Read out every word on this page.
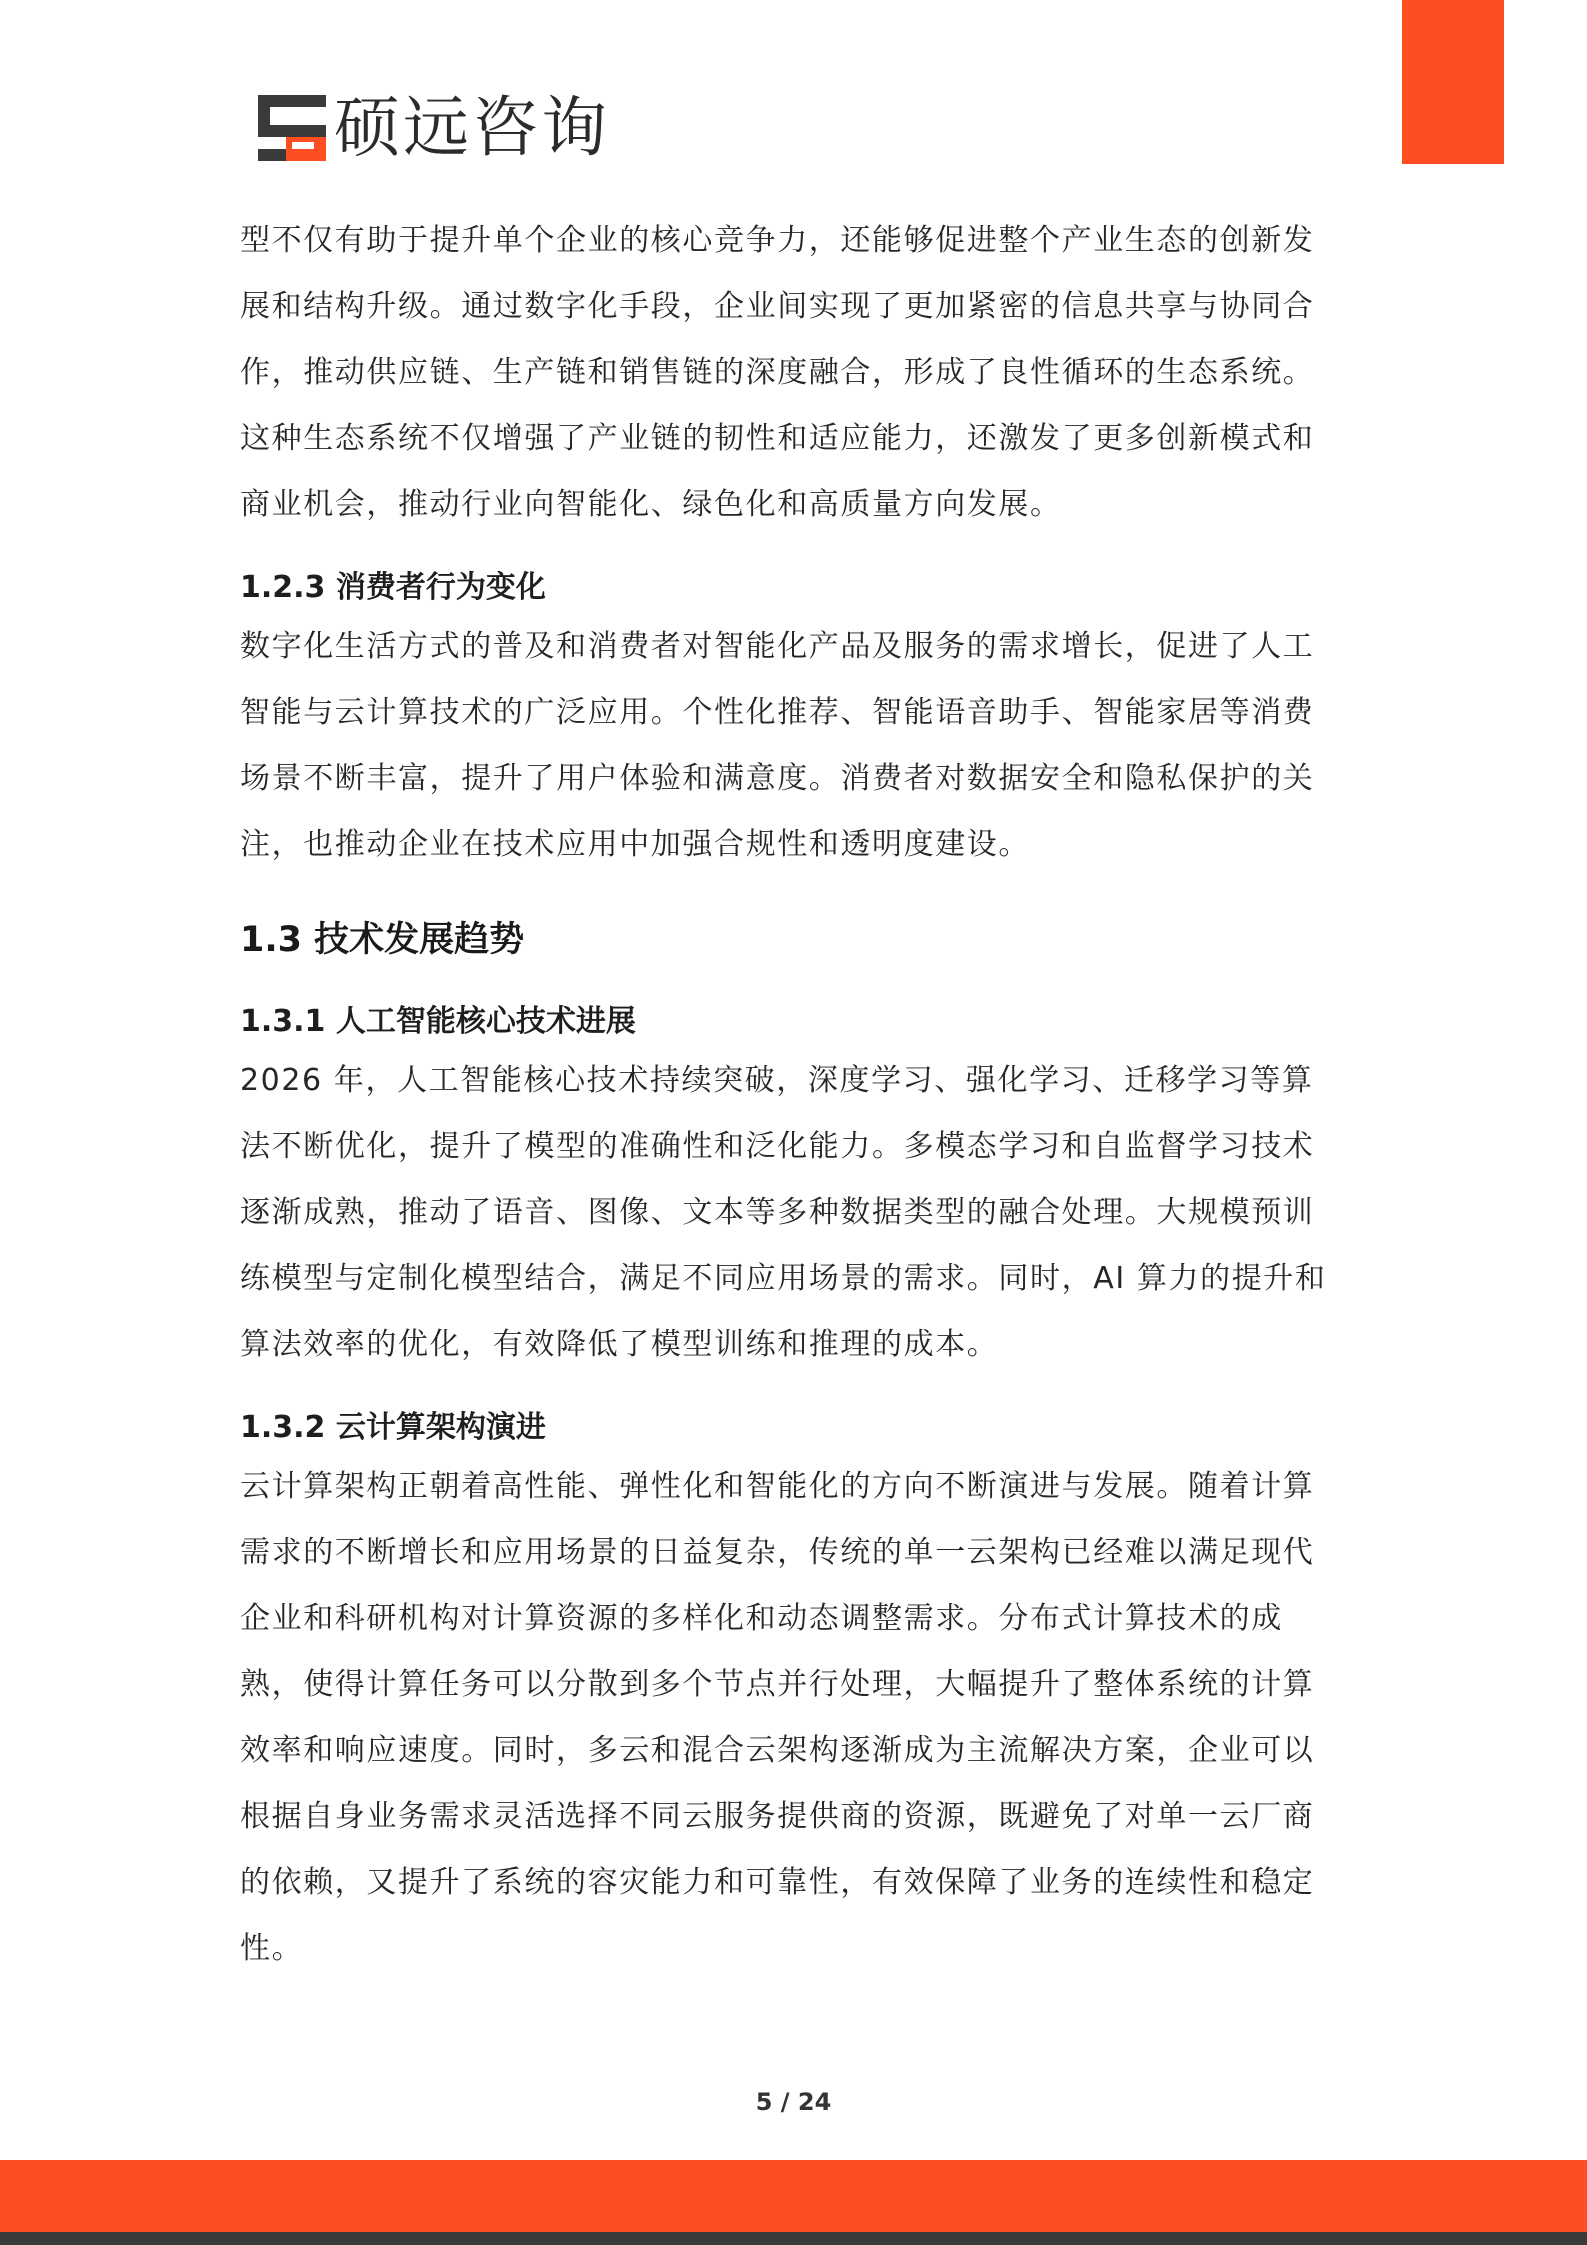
硕远咨询

型不仅有助于提升单个企业的核心竞争力，还能够促进整个产业生态的创新发展和结构升级。通过数字化手段，企业间实现了更加紧密的信息共享与协同合作，推动供应链、生产链和销售链的深度融合，形成了良性循环的生态系统。这种生态系统不仅增强了产业链的韧性和适应能力，还激发了更多创新模式和商业机会，推动行业向智能化、绿色化和高质量方向发展。

1.2.3 消费者行为变化

数字化生活方式的普及和消费者对智能化产品及服务的需求增长，促进了人工智能与云计算技术的广泛应用。个性化推荐、智能语音助手、智能家居等消费场景不断丰富，提升了用户体验和满意度。消费者对数据安全和隐私保护的关注，也推动企业在技术应用中加强合规性和透明度建设。

1.3 技术发展趋势
1.3.1 人工智能核心技术进展

2026 年，人工智能核心技术持续突破，深度学习、强化学习、迁移学习等算法不断优化，提升了模型的准确性和泛化能力。多模态学习和自监督学习技术逐渐成熟，推动了语音、图像、文本等多种数据类型的融合处理。大规模预训练模型与定制化模型结合，满足不同应用场景的需求。同时，AI 算力的提升和算法效率的优化，有效降低了模型训练和推理的成本。

1.3.2 云计算架构演进

云计算架构正朝着高性能、弹性化和智能化的方向不断演进与发展。随着计算需求的不断增长和应用场景的日益复杂，传统的单一云架构已经难以满足现代企业和科研机构对计算资源的多样化和动态调整需求。分布式计算技术的成熟，使得计算任务可以分散到多个节点并行处理，大幅提升了整体系统的计算效率和响应速度。同时，多云和混合云架构逐渐成为主流解决方案，企业可以根据自身业务需求灵活选择不同云服务提供商的资源，既避免了对单一云厂商的依赖，又提升了系统的容灾能力和可靠性，有效保障了业务的连续性和稳定性。

5 / 24
